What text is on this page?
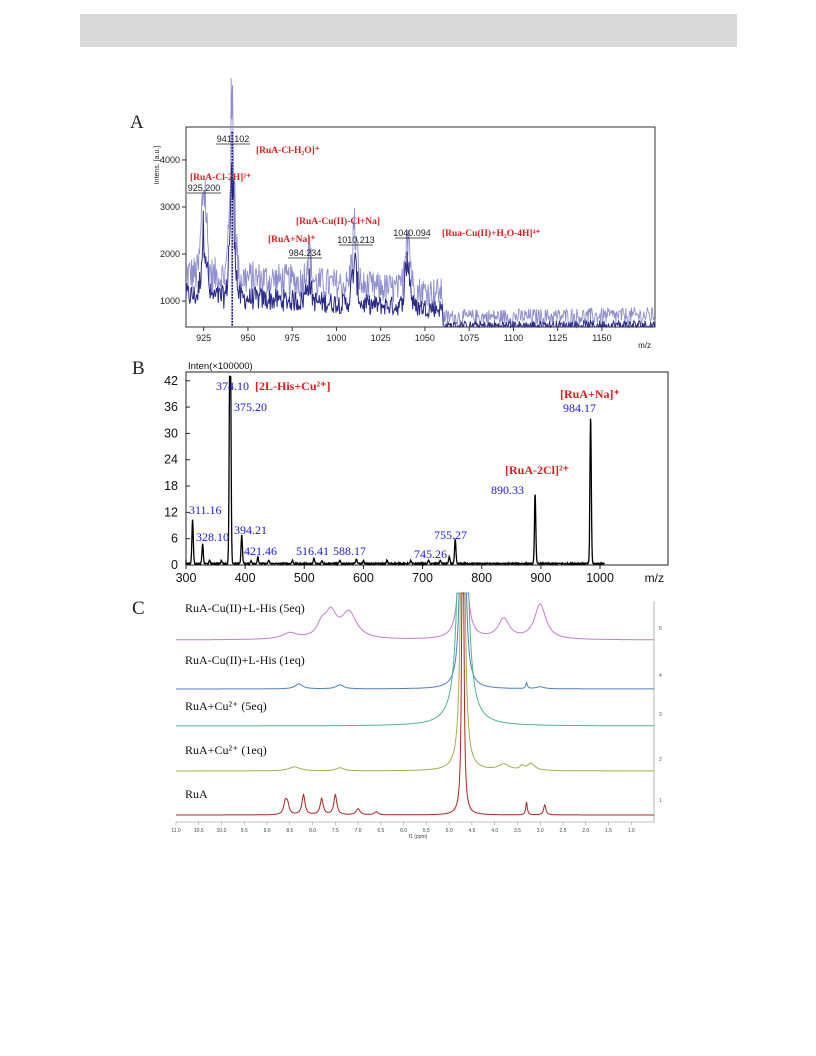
A
B
C
925	950	975	1000	1025	1050	1075	1100	1125	1150
1000
2000
3000
4000
m/z
Intens. [a.u.]
925.200
941.102
984.234
1010.213
1040.094
[RuA-Cl-2H]²⁺
[RuA-Cl-H₂O]⁺
[RuA+Na]⁺
[RuA-Cu(II)-Cl+Na]
[Rua-Cu(II)+H₂O-4H]⁴⁺
300	400	500	600	700	800	900	1000
0
6
12
18
24
30
36
42
m/z
Inten(×100000)
311.16
328.10
374.10
375.20
394.21
421.46 516.41 588.17	745.26
755.27
890.33
984.17
[2L-His+Cu²⁺]
[RuA-2Cl]²⁺
[RuA+Na]⁺
RuA-Cu(II)+L-His (5eq)
RuA-Cu(II)+L-His (1eq)
RuA+Cu²⁺ (5eq)
RuA+Cu²⁺ (1eq)
RuA
5
4
3
2
1
11.0	10.5	10.0	9.5	9.0	8.5	8.0	7.5	7.0	6.5	6.0	5.5	5.0	4.5	4.0	3.5	3.0	2.5	2.0	1.5	1.0
f1 (ppm)
